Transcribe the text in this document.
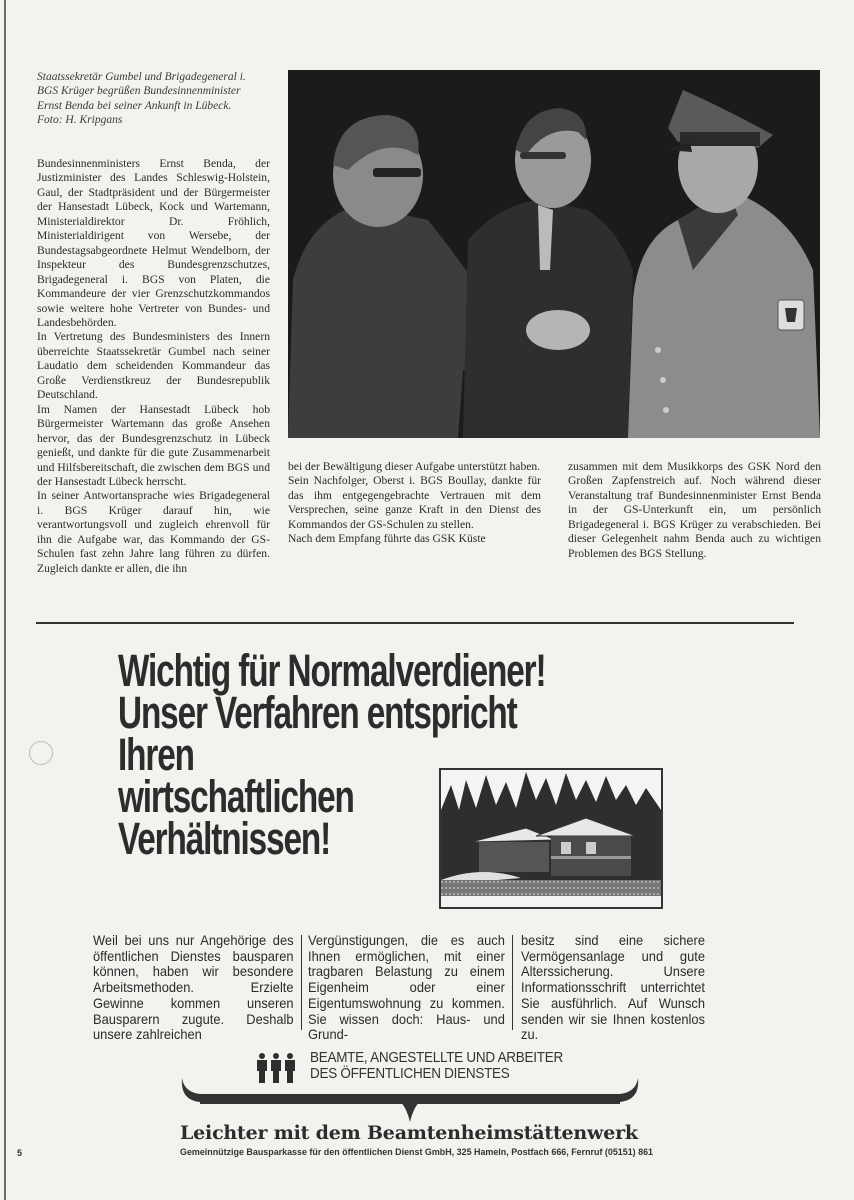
Staatssekretär Gumbel und Brigadegeneral i.
BGS Krüger begrüßen Bundesinnenminister
Ernst Benda bei seiner Ankunft in Lübeck.
Foto: H. Kripgans

Bundesinnenministers Ernst Benda, der Justizminister des Landes Schleswig-Holstein, Gaul, der Stadtpräsident und der Bürgermeister der Hansestadt Lübeck, Kock und Wartemann, Ministerialdirektor Dr. Fröhlich, Ministerialdirigent von Wersebe, der Bundestagsabgeordnete Helmut Wendelborn, der Inspekteur des Bundesgrenzschutzes, Brigadegeneral i. BGS von Platen, die Kommandeure der vier Grenzschutzkommandos sowie weitere hohe Vertreter von Bundes- und Landesbehörden.

In Vertretung des Bundesministers des Innern überreichte Staatssekretär Gumbel nach seiner Laudatio dem scheidenden Kommandeur das Große Verdienstkreuz der Bundesrepublik Deutschland.

Im Namen der Hansestadt Lübeck hob Bürgermeister Wartemann das große Ansehen hervor, das der Bundesgrenzschutz in Lübeck genießt, und dankte für die gute Zusammenarbeit und Hilfsbereitschaft, die zwischen dem BGS und der Hansestadt Lübeck herrscht.

In seiner Antwortansprache wies Brigadegeneral i. BGS Krüger darauf hin, wie verantwortungsvoll und zugleich ehrenvoll für ihn die Aufgabe war, das Kommando der GS-Schulen fast zehn Jahre lang führen zu dürfen. Zugleich dankte er allen, die ihn

bei der Bewältigung dieser Aufgabe unterstützt haben.

Sein Nachfolger, Oberst i. BGS Boullay, dankte für das ihm entgegengebrachte Vertrauen mit dem Versprechen, seine ganze Kraft in den Dienst des Kommandos der GS-Schulen zu stellen.

Nach dem Empfang führte das GSK Küste

zusammen mit dem Musikkorps des GSK Nord den Großen Zapfenstreich auf. Noch während dieser Veranstaltung traf Bundesinnenminister Ernst Benda in der GS-Unterkunft ein, um persönlich Brigadegeneral i. BGS Krüger zu verabschieden. Bei dieser Gelegenheit nahm Benda auch zu wichtigen Problemen des BGS Stellung.

Wichtig für Normalverdiener!
Unser Verfahren entspricht
Ihren
wirtschaftlichen
Verhältnissen!

Weil bei uns nur Angehörige des öffentlichen Dienstes bausparen können, haben wir besondere Arbeitsmethoden. Erzielte Gewinne kommen unseren Bausparern zugute. Deshalb unsere zahlreichen

Vergünstigungen, die es auch Ihnen ermöglichen, mit einer tragbaren Belastung zu einem Eigenheim oder einer Eigentumswohnung zu kommen. Sie wissen doch: Haus- und Grund-

besitz sind eine sichere Vermögensanlage und gute Alterssicherung. Unsere Informationsschrift unterrichtet Sie ausführlich. Auf Wunsch senden wir sie Ihnen kostenlos zu.

BEAMTE, ANGESTELLTE UND ARBEITER
DES ÖFFENTLICHEN DIENSTES
Leichter mit dem Beamtenheimstättenwerk
Gemeinnützige Bausparkasse für den öffentlichen Dienst GmbH, 325 Hameln, Postfach 666, Fernruf (05151) 861
5
